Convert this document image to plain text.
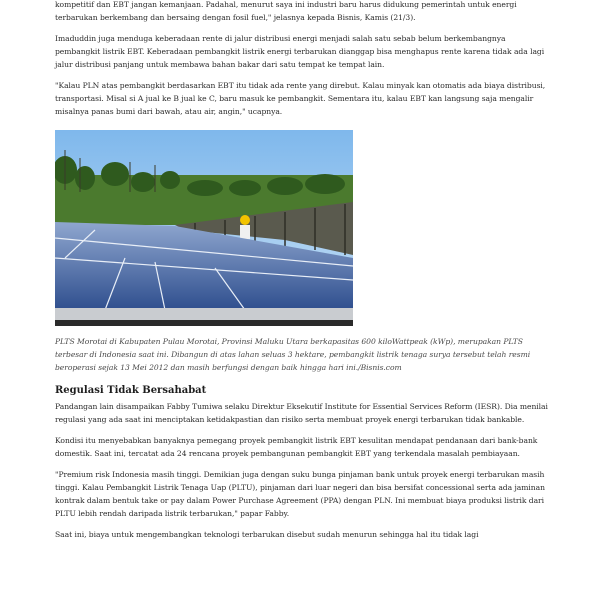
kompetitif dan EBT jangan kemanjaan. Padahal, menurut saya ini industri baru harus didukung pemerintah untuk energi terbarukan berkembang dan bersaing dengan fosil fuel," jelasnya kepada Bisnis, Kamis (21/3).

Imaduddin juga menduga keberadaan rente di jalur distribusi energi menjadi salah satu sebab belum berkembangnya pembangkit listrik EBT. Keberadaan pembangkit listrik energi terbarukan dianggap bisa menghapus rente karena tidak ada lagi jalur distribusi panjang untuk membawa bahan bakar dari satu tempat ke tempat lain.

"Kalau PLN atas pembangkit berdasarkan EBT itu tidak ada rente yang direbut. Kalau minyak kan otomatis ada biaya distribusi, transportasi. Misal si A jual ke B jual ke C, baru masuk ke pembangkit. Sementara itu, kalau EBT kan langsung saja mengalir misalnya panas bumi dari bawah, atau air, angin," ucapnya.

PLTS Morotai di Kabupaten Pulau Morotai, Provinsi Maluku Utara berkapasitas 600 kiloWattpeak (kWp), merupakan PLTS terbesar di Indonesia saat ini. Dibangun di atas lahan seluas 3 hektare, pembangkit listrik tenaga surya tersebut telah resmi beroperasi sejak 13 Mei 2012 dan masih berfungsi dengan baik hingga hari ini./Bisnis.com

Regulasi Tidak Bersahabat

Pandangan lain disampaikan Fabby Tumiwa selaku Direktur Eksekutif Institute for Essential Services Reform (IESR). Dia menilai regulasi yang ada saat ini menciptakan ketidakpastian dan risiko serta membuat proyek energi terbarukan tidak bankable.

Kondisi itu menyebabkan banyaknya pemegang proyek pembangkit listrik EBT kesulitan mendapat pendanaan dari bank-bank domestik. Saat ini, tercatat ada 24 rencana proyek pembangunan pembangkit EBT yang terkendala masalah pembiayaan.

"Premium risk Indonesia masih tinggi. Demikian juga dengan suku bunga pinjaman bank untuk proyek energi terbarukan masih tinggi. Kalau Pembangkit Listrik Tenaga Uap (PLTU), pinjaman dari luar negeri dan bisa bersifat concessional serta ada jaminan kontrak dalam bentuk take or pay dalam Power Purchase Agreement (PPA) dengan PLN. Ini membuat biaya produksi listrik dari PLTU lebih rendah daripada listrik terbarukan," papar Fabby.

Saat ini, biaya untuk mengembangkan teknologi terbarukan disebut sudah menurun sehingga hal itu tidak lagi
